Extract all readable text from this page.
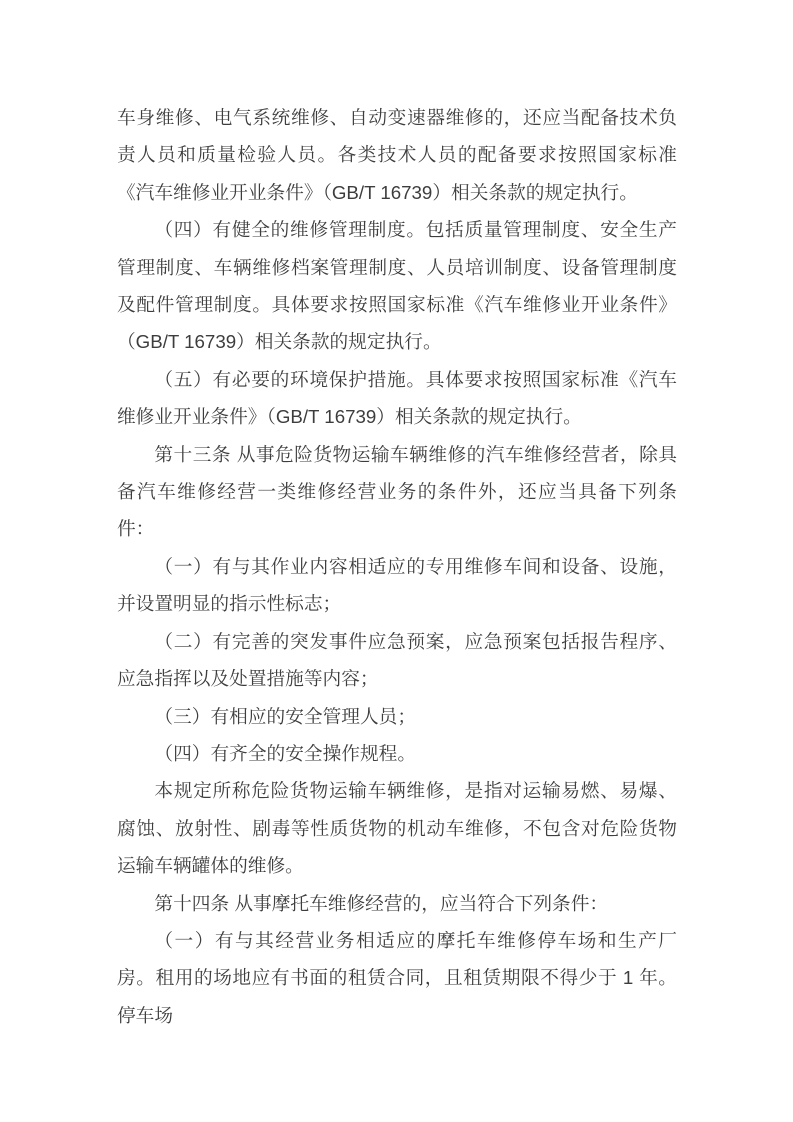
车身维修、电气系统维修、自动变速器维修的，还应当配备技术负责人员和质量检验人员。各类技术人员的配备要求按照国家标准《汽车维修业开业条件》（GB/T 16739）相关条款的规定执行。

（四）有健全的维修管理制度。包括质量管理制度、安全生产管理制度、车辆维修档案管理制度、人员培训制度、设备管理制度及配件管理制度。具体要求按照国家标准《汽车维修业开业条件》（GB/T 16739）相关条款的规定执行。

（五）有必要的环境保护措施。具体要求按照国家标准《汽车维修业开业条件》（GB/T 16739）相关条款的规定执行。

第十三条 从事危险货物运输车辆维修的汽车维修经营者，除具备汽车维修经营一类维修经营业务的条件外，还应当具备下列条件：

（一）有与其作业内容相适应的专用维修车间和设备、设施，并设置明显的指示性标志；

（二）有完善的突发事件应急预案，应急预案包括报告程序、应急指挥以及处置措施等内容；

（三）有相应的安全管理人员；

（四）有齐全的安全操作规程。

本规定所称危险货物运输车辆维修，是指对运输易燃、易爆、腐蚀、放射性、剧毒等性质货物的机动车维修，不包含对危险货物运输车辆罐体的维修。

第十四条 从事摩托车维修经营的，应当符合下列条件：

（一）有与其经营业务相适应的摩托车维修停车场和生产厂房。租用的场地应有书面的租赁合同，且租赁期限不得少于 1 年。停车场
